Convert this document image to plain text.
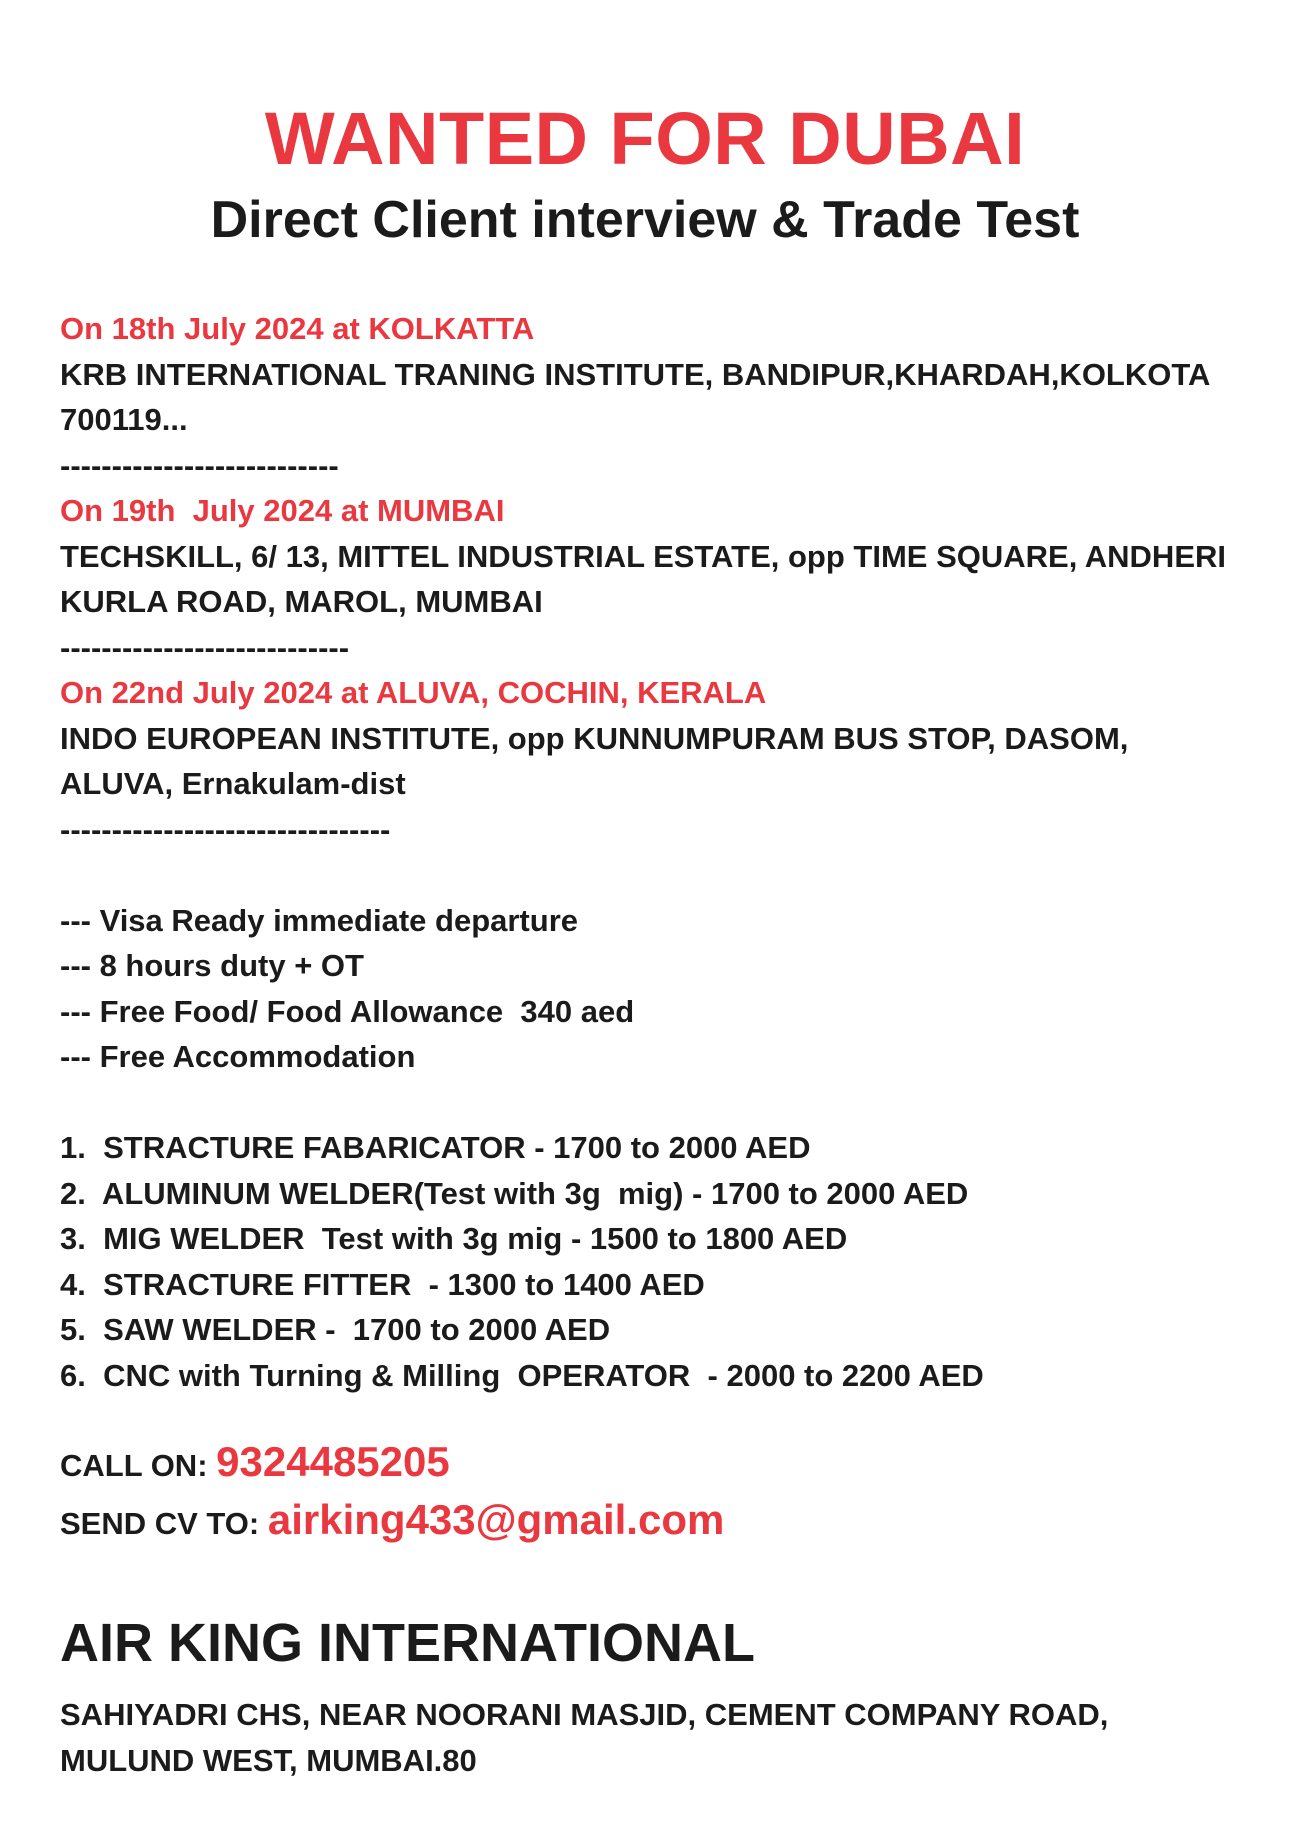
WANTED FOR DUBAI
Direct Client interview & Trade Test
On 18th July 2024 at KOLKATTA
KRB INTERNATIONAL TRANING INSTITUTE, BANDIPUR,KHARDAH,KOLKOTA
700119...
---------------------------
On 19th  July 2024 at MUMBAI
TECHSKILL, 6/ 13, MITTEL INDUSTRIAL ESTATE, opp TIME SQUARE, ANDHERI
KURLA ROAD, MAROL, MUMBAI
----------------------------
On 22nd July 2024 at ALUVA, COCHIN, KERALA
INDO EUROPEAN INSTITUTE, opp KUNNUMPURAM BUS STOP, DASOM,
ALUVA, Ernakulam-dist
--------------------------------
--- Visa Ready immediate departure
--- 8 hours duty + OT
--- Free Food/ Food Allowance  340 aed
--- Free Accommodation
1.  STRACTURE FABARICATOR - 1700 to 2000 AED
2.  ALUMINUM WELDER(Test with 3g  mig) - 1700 to 2000 AED
3.  MIG WELDER  Test with 3g mig - 1500 to 1800 AED
4.  STRACTURE FITTER  - 1300 to 1400 AED
5.  SAW WELDER -  1700 to 2000 AED
6.  CNC with Turning & Milling  OPERATOR  - 2000 to 2200 AED
CALL ON: 9324485205
SEND CV TO: airking433@gmail.com
AIR KING INTERNATIONAL
SAHIYADRI CHS, NEAR NOORANI MASJID, CEMENT COMPANY ROAD,
MULUND WEST, MUMBAI.80
